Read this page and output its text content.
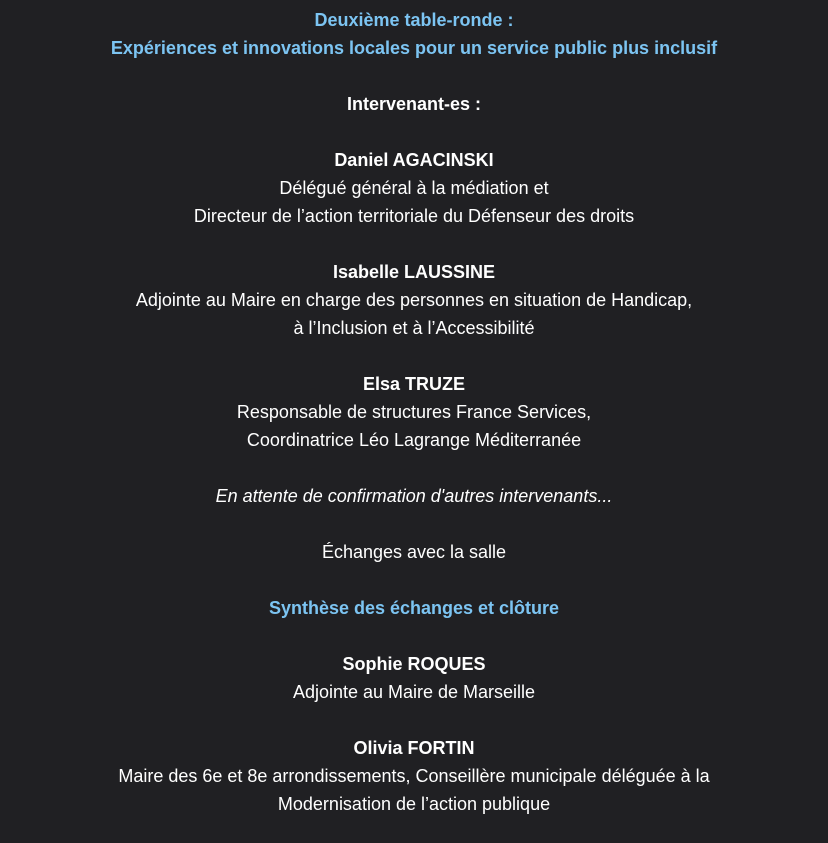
Deuxième table-ronde :
Expériences et innovations locales pour un service public plus inclusif
Intervenant-es :
Daniel AGACINSKI
Délégué général à la médiation et
Directeur de l’action territoriale du Défenseur des droits
Isabelle LAUSSINE
Adjointe au Maire en charge des personnes en situation de Handicap,
à l’Inclusion et à l’Accessibilité
Elsa TRUZE
Responsable de structures France Services,
Coordinatrice Léo Lagrange Méditerranée
En attente de confirmation d'autres intervenants...
Échanges avec la salle
Synthèse des échanges et clôture
Sophie ROQUES
Adjointe au Maire de Marseille
Olivia FORTIN
Maire des 6e et 8e arrondissements, Conseillère municipale déléguée à la
Modernisation de l’action publique
